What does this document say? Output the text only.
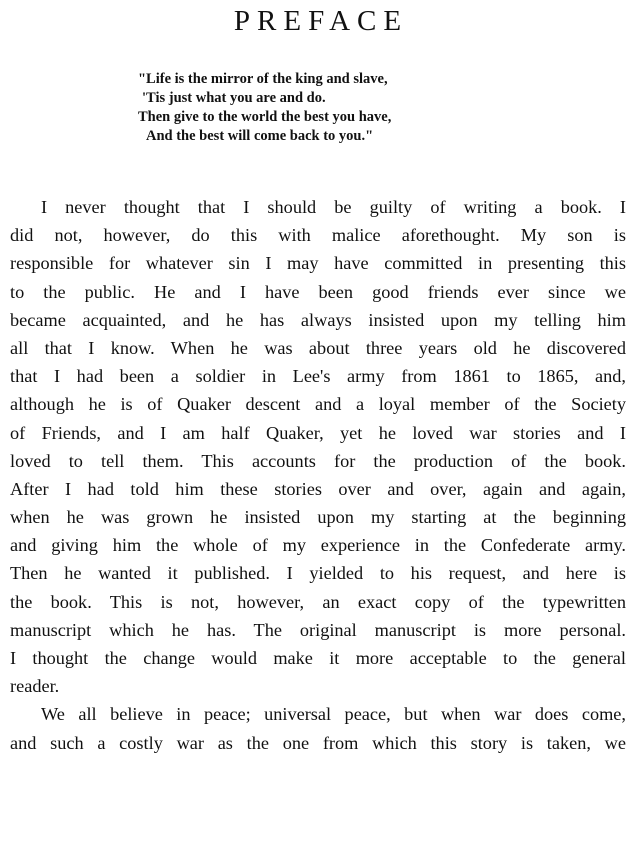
PREFACE
"Life is the mirror of the king and slave,
'Tis just what you are and do.
Then give to the world the best you have,
And the best will come back to you."
I never thought that I should be guilty of writing a book. I
did not, however, do this with malice aforethought. My son is
responsible for whatever sin I may have committed in presenting this
to the public. He and I have been good friends ever since we
became acquainted, and he has always insisted upon my telling him
all that I know. When he was about three years old he discovered
that I had been a soldier in Lee's army from 1861 to 1865, and,
although he is of Quaker descent and a loyal member of the Society
of Friends, and I am half Quaker, yet he loved war stories and I
loved to tell them. This accounts for the production of the book.
After I had told him these stories over and over, again and again,
when he was grown he insisted upon my starting at the beginning
and giving him the whole of my experience in the Confederate army.
Then he wanted it published. I yielded to his request, and here is
the book. This is not, however, an exact copy of the typewritten
manuscript which he has. The original manuscript is more personal.
I thought the change would make it more acceptable to the general
reader.
We all believe in peace; universal peace, but when war does come,
and such a costly war as the one from which this story is taken, we
